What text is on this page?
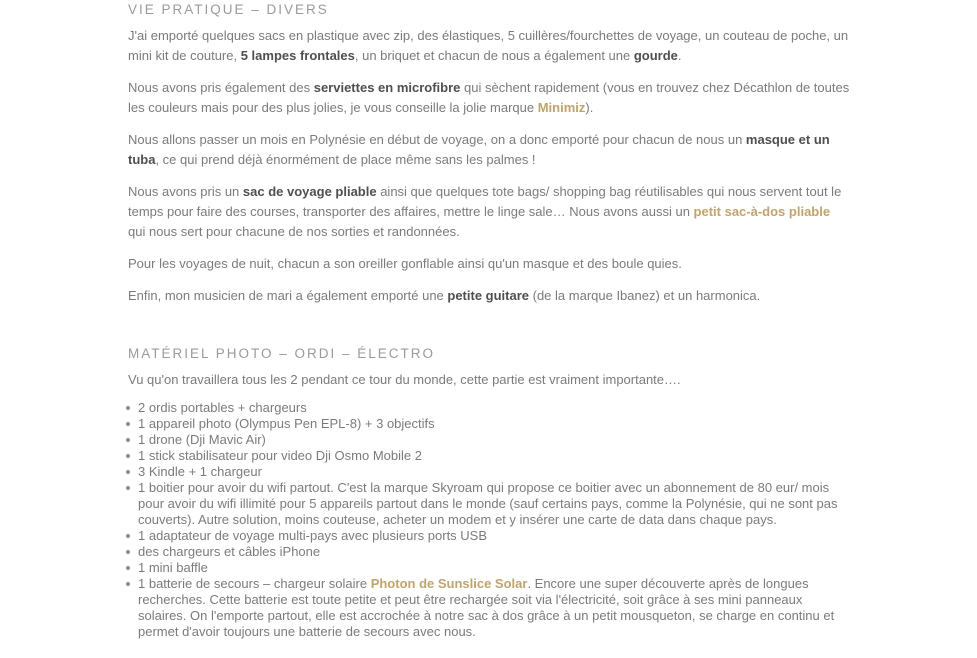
VIE PRATIQUE – DIVERS

J'ai emporté quelques sacs en plastique avec zip, des élastiques, 5 cuillères/fourchettes de voyage, un couteau de poche, un mini kit de couture, 5 lampes frontales, un briquet et chacun de nous a également une gourde.

Nous avons pris également des serviettes en microfibre qui sèchent rapidement (vous en trouvez chez Décathlon de toutes les couleurs mais pour des plus jolies, je vous conseille la jolie marque Minimiz).

Nous allons passer un mois en Polynésie en début de voyage, on a donc emporté pour chacun de nous un masque et un tuba, ce qui prend déjà énormément de place même sans les palmes !

Nous avons pris un sac de voyage pliable ainsi que quelques tote bags/ shopping bag réutilisables qui nous servent tout le temps pour faire des courses, transporter des affaires, mettre le linge sale… Nous avons aussi un petit sac-à-dos pliable qui nous sert pour chacune de nos sorties et randonnées.

Pour les voyages de nuit, chacun a son oreiller gonflable ainsi qu'un masque et des boule quies.

Enfin, mon musicien de mari a également emporté une petite guitare (de la marque Ibanez) et un harmonica.

MATÉRIEL PHOTO – ORDI – ÉLECTRO

Vu qu'on travaillera tous les 2 pendant ce tour du monde, cette partie est vraiment importante….

2 ordis portables + chargeurs
1 appareil photo (Olympus Pen EPL-8) + 3 objectifs
1 drone (Dji Mavic Air)
1 stick stabilisateur pour video Dji Osmo Mobile 2
3 Kindle + 1 chargeur
1 boitier pour avoir du wifi partout. C'est la marque Skyroam qui propose ce boitier avec un abonnement de 80 eur/ mois pour avoir du wifi illimité pour 5 appareils partout dans le monde (sauf certains pays, comme la Polynésie, qui ne sont pas couverts). Autre solution, moins couteuse, acheter un modem et y insérer une carte de data dans chaque pays.
1 adaptateur de voyage multi-pays avec plusieurs ports USB
des chargeurs et câbles iPhone
1 mini baffle
1 batterie de secours – chargeur solaire Photon de Sunslice Solar. Encore une super découverte après de longues recherches. Cette batterie est toute petite et peut être rechargée soit via l'électricité, soit grâce à ses mini panneaux solaires. On l'emporte partout, elle est accrochée à notre sac à dos grâce à un petit mousqueton, se charge en continu et permet d'avoir toujours une batterie de secours avec nous.
